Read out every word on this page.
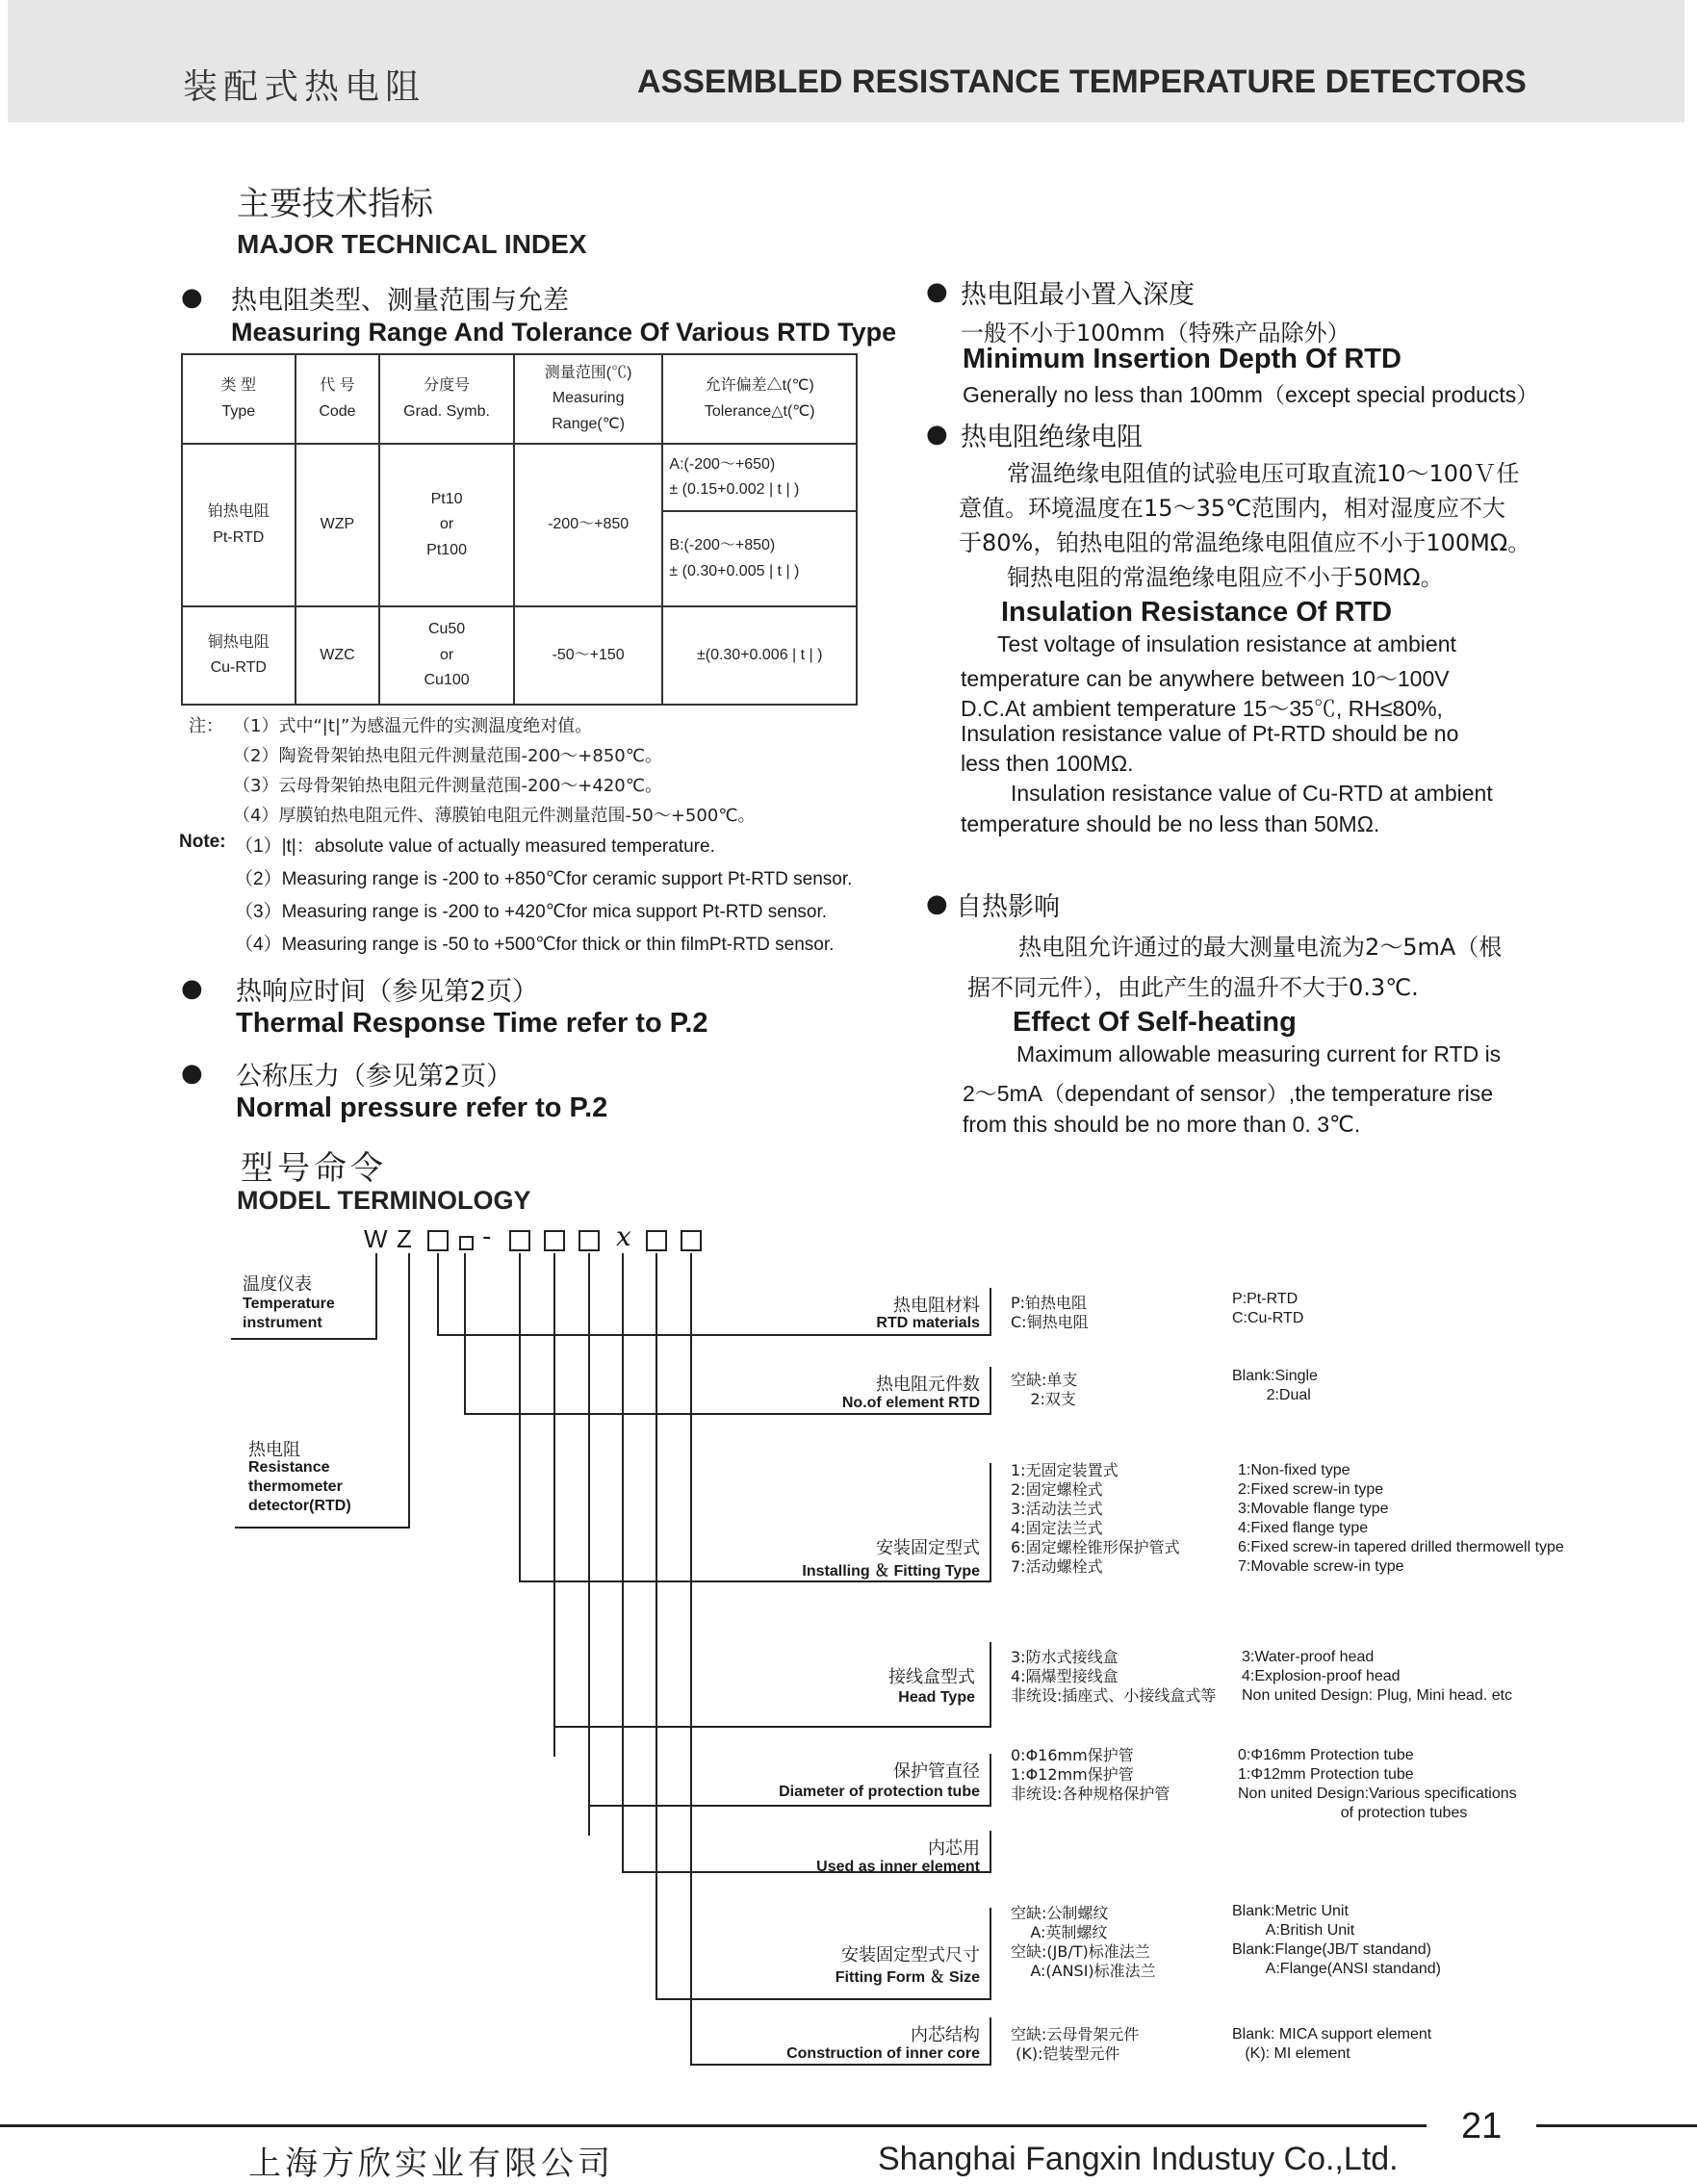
装配式热电阻	ASSEMBLED RESISTANCE TEMPERATURE DETECTORS
主要技术指标
MAJOR TECHNICAL INDEX
● 热电阻类型、测量范围与允差
Measuring Range And Tolerance Of Various RTD Type
类 型
Type	代 号
Code	分度号
Grad. Symb.	测量范围(℃)
Measuring
Range(℃)	允许偏差△t(℃)
Tolerance△t(℃)
铂热电阻
Pt-RTD	WZP	Pt10
or
Pt100	-200～+850	A:(-200～+650)
± (0.15+0.002 | t | )
				B:(-200～+850)
± (0.30+0.005 | t | )
铜热电阻
Cu-RTD	WZC	Cu50
or
Cu100	-50～+150	±(0.30+0.006 | t | )
注： （1）式中“|t|”为感温元件的实测温度绝对值。
（2）陶瓷骨架铂热电阻元件测量范围-200～+850℃。
（3）云母骨架铂热电阻元件测量范围-200～+420℃。
（4）厚膜铂热电阻元件、薄膜铂电阻元件测量范围-50～+500℃。
Note: （1）|t|：absolute value of actually measured temperature.
（2）Measuring range is -200 to +850℃for ceramic support Pt-RTD sensor.
（3）Measuring range is -200 to +420℃for mica support Pt-RTD sensor.
（4）Measuring range is -50 to +500℃for thick or thin filmPt-RTD sensor.
● 热响应时间（参见第2页）
Thermal Response Time refer to P.2
● 公称压力（参见第2页）
Normal pressure refer to P.2
● 热电阻最小置入深度
一般不小于100mm（特殊产品除外）
Minimum Insertion Depth Of RTD
Generally no less than 100mm（except special products）
● 热电阻绝缘电阻
常温绝缘电阻值的试验电压可取直流10～100Ｖ任
意值。环境温度在15～35℃范围内，相对湿度应不大
于80%，铂热电阻的常温绝缘电阻值应不小于100MΩ。
铜热电阻的常温绝缘电阻应不小于50MΩ。
Insulation Resistance Of RTD
Test voltage of insulation resistance at ambient
temperature can be anywhere between 10～100V
D.C.At ambient temperature 15～35℃, RH≤80%,
Insulation resistance value of Pt-RTD should be no
less then 100MΩ.
Insulation resistance value of Cu-RTD at ambient
temperature should be no less than 50MΩ.
● 自热影响
热电阻允许通过的最大测量电流为2～5mA（根
据不同元件），由此产生的温升不大于0.3℃.
Effect Of Self-heating
Maximum allowable measuring current for RTD is
2～5mA（dependant of sensor）,the temperature rise
from this should be no more than 0. 3℃.
型号命令
MODEL TERMINOLOGY
W Z	-	x
温度仪表
Temperature
instrument
热电阻
Resistance
thermometer
detector(RTD)
热电阻材料
RTD materials
热电阻元件数
No.of element RTD
安装固定型式
Installing ＆ Fitting Type
接线盒型式
Head Type
保护管直径
Diameter of protection tube
内芯用
Used as inner element
安装固定型式尺寸
Fitting Form ＆ Size
内芯结构
Construction of inner core
P:铂热电阻
C:铜热电阻
空缺:单支
2:双支
1:无固定装置式
2:固定螺栓式
3:活动法兰式
4:固定法兰式
6:固定螺栓锥形保护管式
7:活动螺栓式
3:防水式接线盒
4:隔爆型接线盒
非统设:插座式、小接线盒式等
0:Φ16mm保护管
1:Φ12mm保护管
非统设:各种规格保护管
空缺:公制螺纹
A:英制螺纹
空缺:(JB/T)标准法兰
A:(ANSI)标准法兰
空缺:云母骨架元件
(K):铠装型元件
P:Pt-RTD
C:Cu-RTD
Blank:Single
2:Dual
1:Non-fixed type
2:Fixed screw-in type
3:Movable flange type
4:Fixed flange type
6:Fixed screw-in tapered drilled thermowell type
7:Movable screw-in type
3:Water-proof head
4:Explosion-proof head
Non united Design: Plug, Mini head. etc
0:Φ16mm Protection tube
1:Φ12mm Protection tube
Non united Design:Various specifications
of protection tubes
Blank:Metric Unit
A:British Unit
Blank:Flange(JB/T standand)
A:Flange(ANSI standand)
Blank: MICA support element
(K): MI element
21
上海方欣实业有限公司	Shanghai Fangxin Industuy Co.,Ltd.
